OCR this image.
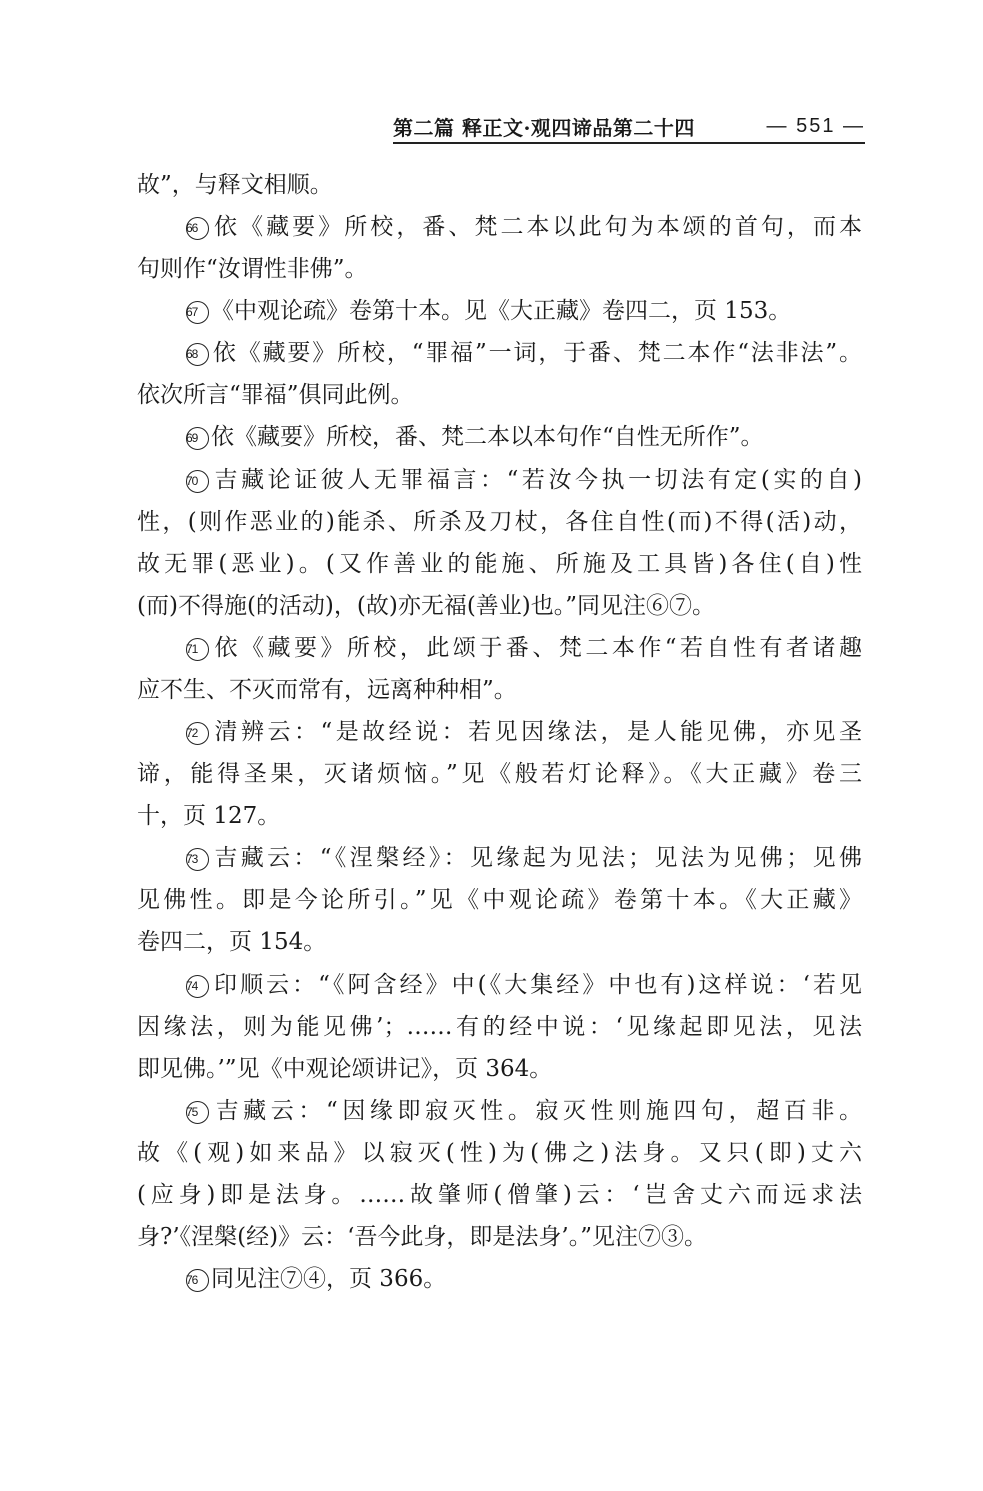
第二篇 释正文·观四谛品第二十四	— 551 —
故”，与释文相顺。
66 依《藏要》所校，番、梵二本以此句为本颂的首句，而本
句则作“汝谓性非佛”。
67 《中观论疏》卷第十本。见《大正藏》卷四二，页 153。
68 依《藏要》所校，“罪福”一词，于番、梵二本作“法非法”。
依次所言“罪福”俱同此例。
69 依《藏要》所校，番、梵二本以本句作“自性无所作”。
70 吉藏论证彼人无罪福言：“若汝今执一切法有定(实的自)
性，(则作恶业的)能杀、所杀及刀杖，各住自性(而)不得(活)动，
故无罪(恶业)。(又作善业的能施、所施及工具皆)各住(自)性
(而)不得施(的活动)，(故)亦无福(善业)也。”同见注⑥⑦。
71 依《藏要》所校，此颂于番、梵二本作“若自性有者诸趣
应不生、不灭而常有，远离种种相”。
72 清辨云：“是故经说：若见因缘法，是人能见佛，亦见圣
谛，能得圣果，灭诸烦恼。”见《般若灯论释》。《大正藏》卷三
十，页 127。
73 吉藏云：“《涅槃经》：见缘起为见法；见法为见佛；见佛
见佛性。即是今论所引。”见《中观论疏》卷第十本。《大正藏》
卷四二，页 154。
74 印顺云：“《阿含经》中(《大集经》中也有)这样说：‘若见
因缘法，则为能见佛’；……有的经中说：‘见缘起即见法，见法
即见佛。’”见《中观论颂讲记》，页 364。
75 吉藏云：“因缘即寂灭性。寂灭性则施四句，超百非。
故《(观)如来品》以寂灭(性)为(佛之)法身。又只(即)丈六
(应身)即是法身。……故肇师(僧肇)云：‘岂舍丈六而远求法
身?’《涅槃(经)》云：‘吾今此身，即是法身’。”见注⑦③。
76 同见注⑦④，页 366。
